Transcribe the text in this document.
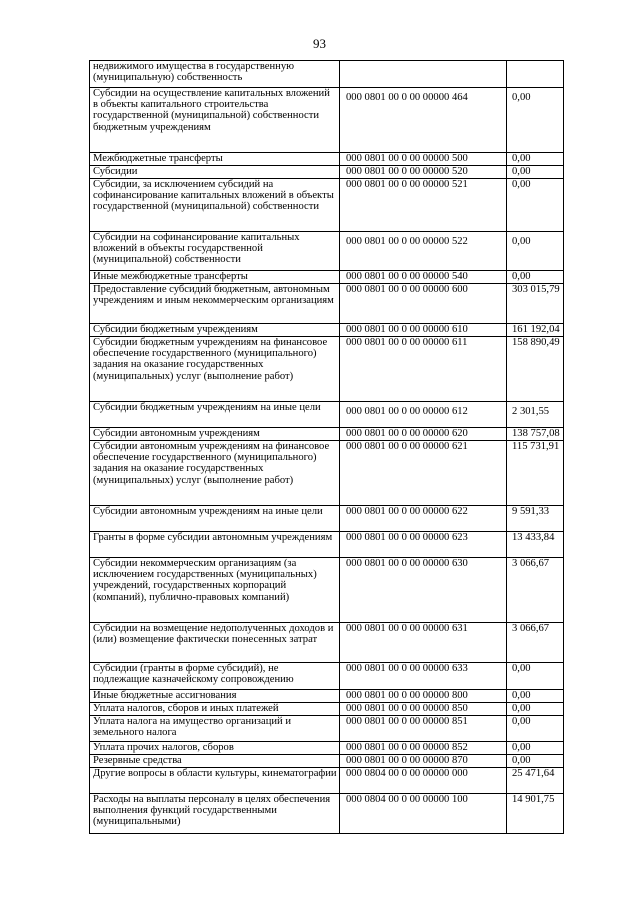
93
недвижимого имущества в государственную (муниципальную) собственность		
Субсидии на осуществление капитальных вложений в объекты капитального строительства государственной (муниципальной) собственности бюджетным учреждениям	000 0801 00 0 00 00000 464	0,00
Межбюджетные трансферты	000 0801 00 0 00 00000 500	0,00
Субсидии	000 0801 00 0 00 00000 520	0,00
Субсидии, за исключением субсидий на софинансирование капитальных вложений в объекты государственной (муниципальной) собственности	000 0801 00 0 00 00000 521	0,00
Субсидии на софинансирование капитальных вложений в объекты государственной (муниципальной) собственности	000 0801 00 0 00 00000 522	0,00
Иные межбюджетные трансферты	000 0801 00 0 00 00000 540	0,00
Предоставление субсидий бюджетным, автономным учреждениям и иным некоммерческим организациям	000 0801 00 0 00 00000 600	303 015,79
Субсидии бюджетным учреждениям	000 0801 00 0 00 00000 610	161 192,04
Субсидии бюджетным учреждениям на финансовое обеспечение государственного (муниципального) задания на оказание государственных (муниципальных) услуг (выполнение работ)	000 0801 00 0 00 00000 611	158 890,49
Субсидии бюджетным учреждениям на иные цели	000 0801 00 0 00 00000 612	2 301,55
Субсидии автономным учреждениям	000 0801 00 0 00 00000 620	138 757,08
Субсидии автономным учреждениям на финансовое обеспечение государственного (муниципального) задания на оказание государственных (муниципальных) услуг (выполнение работ)	000 0801 00 0 00 00000 621	115 731,91
Субсидии автономным учреждениям на иные цели	000 0801 00 0 00 00000 622	9 591,33
Гранты в форме субсидии автономным учреждениям	000 0801 00 0 00 00000 623	13 433,84
Субсидии некоммерческим организациям (за исключением государственных (муниципальных) учреждений, государственных корпораций (компаний), публично-правовых компаний)	000 0801 00 0 00 00000 630	3 066,67
Субсидии на возмещение недополученных доходов и (или) возмещение фактически понесенных затрат	000 0801 00 0 00 00000 631	3 066,67
Субсидии (гранты в форме субсидий), не подлежащие казначейскому сопровождению	000 0801 00 0 00 00000 633	0,00
Иные бюджетные ассигнования	000 0801 00 0 00 00000 800	0,00
Уплата налогов, сборов и иных платежей	000 0801 00 0 00 00000 850	0,00
Уплата налога на имущество организаций и земельного налога	000 0801 00 0 00 00000 851	0,00
Уплата прочих налогов, сборов	000 0801 00 0 00 00000 852	0,00
Резервные средства	000 0801 00 0 00 00000 870	0,00
Другие вопросы в области культуры, кинематографии	000 0804 00 0 00 00000 000	25 471,64
Расходы на выплаты персоналу в целях обеспечения выполнения функций государственными (муниципальными)	000 0804 00 0 00 00000 100	14 901,75
